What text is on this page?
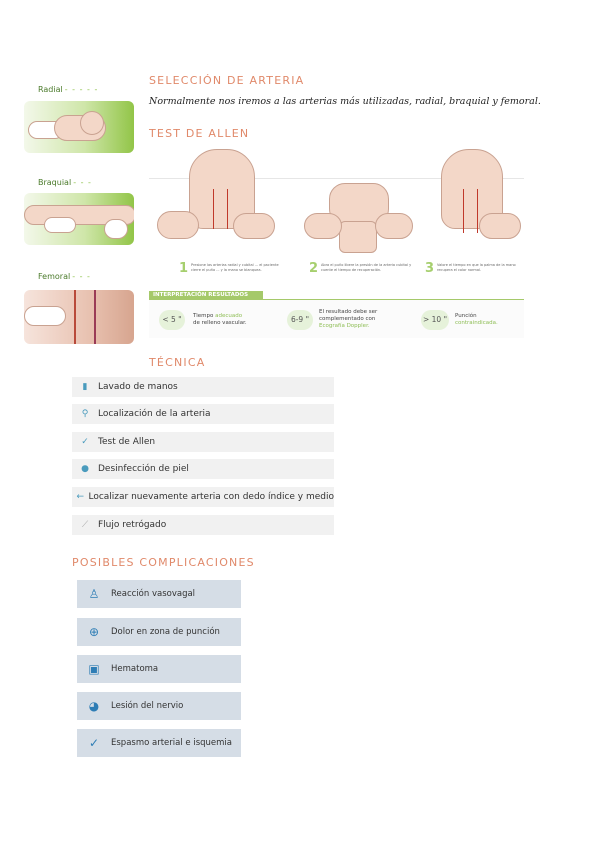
Radial - - - - -
Braquial - - -
Femoral - - -
SELECCIÓN DE ARTERIA
Normalmente nos iremos a las arterias más utilizadas, radial, braquial y femoral.
TEST DE ALLEN
1 Presione las arterias radial y cubital ... el paciente cierre el puño ... y la mano se blanquea.	2 Abra el puño libere la presión de la arteria cubital y cuente el tiempo de recuperación.	3 Valore el tiempo en que la palma de la mano recupera el color normal.
INTERPRETACIÓN RESULTADOS
< 5 "	Tiempo adecuado
de relleno vascular.	6-9 "
El resultado debe ser
complementado con
Ecografía Doppler.
> 10 "	Punción
contraindicada.
TÉCNICA
▮	Lavado de manos
⚲	Localización de la arteria
✓	Test de Allen
●	Desinfección de piel
← Localizar nuevamente arteria con dedo índice y medio
⟋	Flujo retrógado
POSIBLES COMPLICACIONES
♙	Reacción vasovagal
⊕	Dolor en zona de punción
▣	Hematoma
◕	Lesión del nervio
✓	Espasmo arterial e isquemia
